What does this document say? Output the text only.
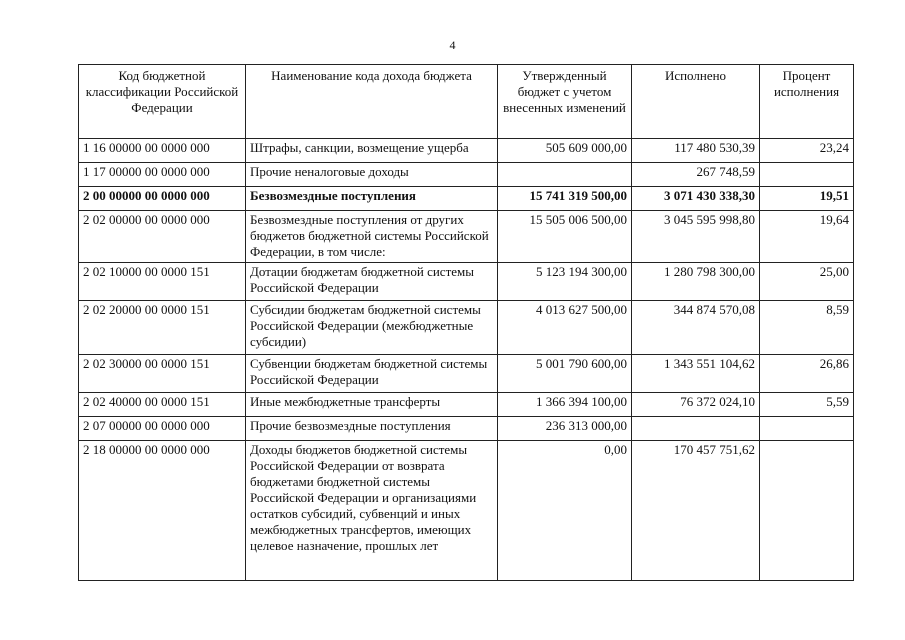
4
Код бюджетной классификации Российской Федерации	Наименование кода дохода бюджета	Утвержденный бюджет с учетом внесенных изменений	Исполнено	Процент исполнения
1 16 00000 00 0000 000	Штрафы, санкции, возмещение ущерба	505 609 000,00	117 480 530,39	23,24
1 17 00000 00 0000 000	Прочие неналоговые доходы		267 748,59	
2 00 00000 00 0000 000	Безвозмездные поступления	15 741 319 500,00	3 071 430 338,30	19,51
2 02 00000 00 0000 000	Безвозмездные поступления от других бюджетов бюджетной системы Российской Федерации, в том числе:	15 505 006 500,00	3 045 595 998,80	19,64
2 02 10000 00 0000 151	Дотации бюджетам бюджетной системы Российской Федерации	5 123 194 300,00	1 280 798 300,00	25,00
2 02 20000 00 0000 151	Субсидии бюджетам бюджетной системы Российской Федерации (межбюджетные субсидии)	4 013 627 500,00	344 874 570,08	8,59
2 02 30000 00 0000 151	Субвенции бюджетам бюджетной системы Российской Федерации	5 001 790 600,00	1 343 551 104,62	26,86
2 02 40000 00 0000 151	Иные межбюджетные трансферты	1 366 394 100,00	76 372 024,10	5,59
2 07 00000 00 0000 000	Прочие безвозмездные поступления	236 313 000,00		
2 18 00000 00 0000 000	Доходы бюджетов бюджетной системы Российской Федерации от возврата бюджетами бюджетной системы Российской Федерации и организациями остатков субсидий, субвенций и иных межбюджетных трансфертов, имеющих целевое назначение, прошлых лет	0,00	170 457 751,62	
